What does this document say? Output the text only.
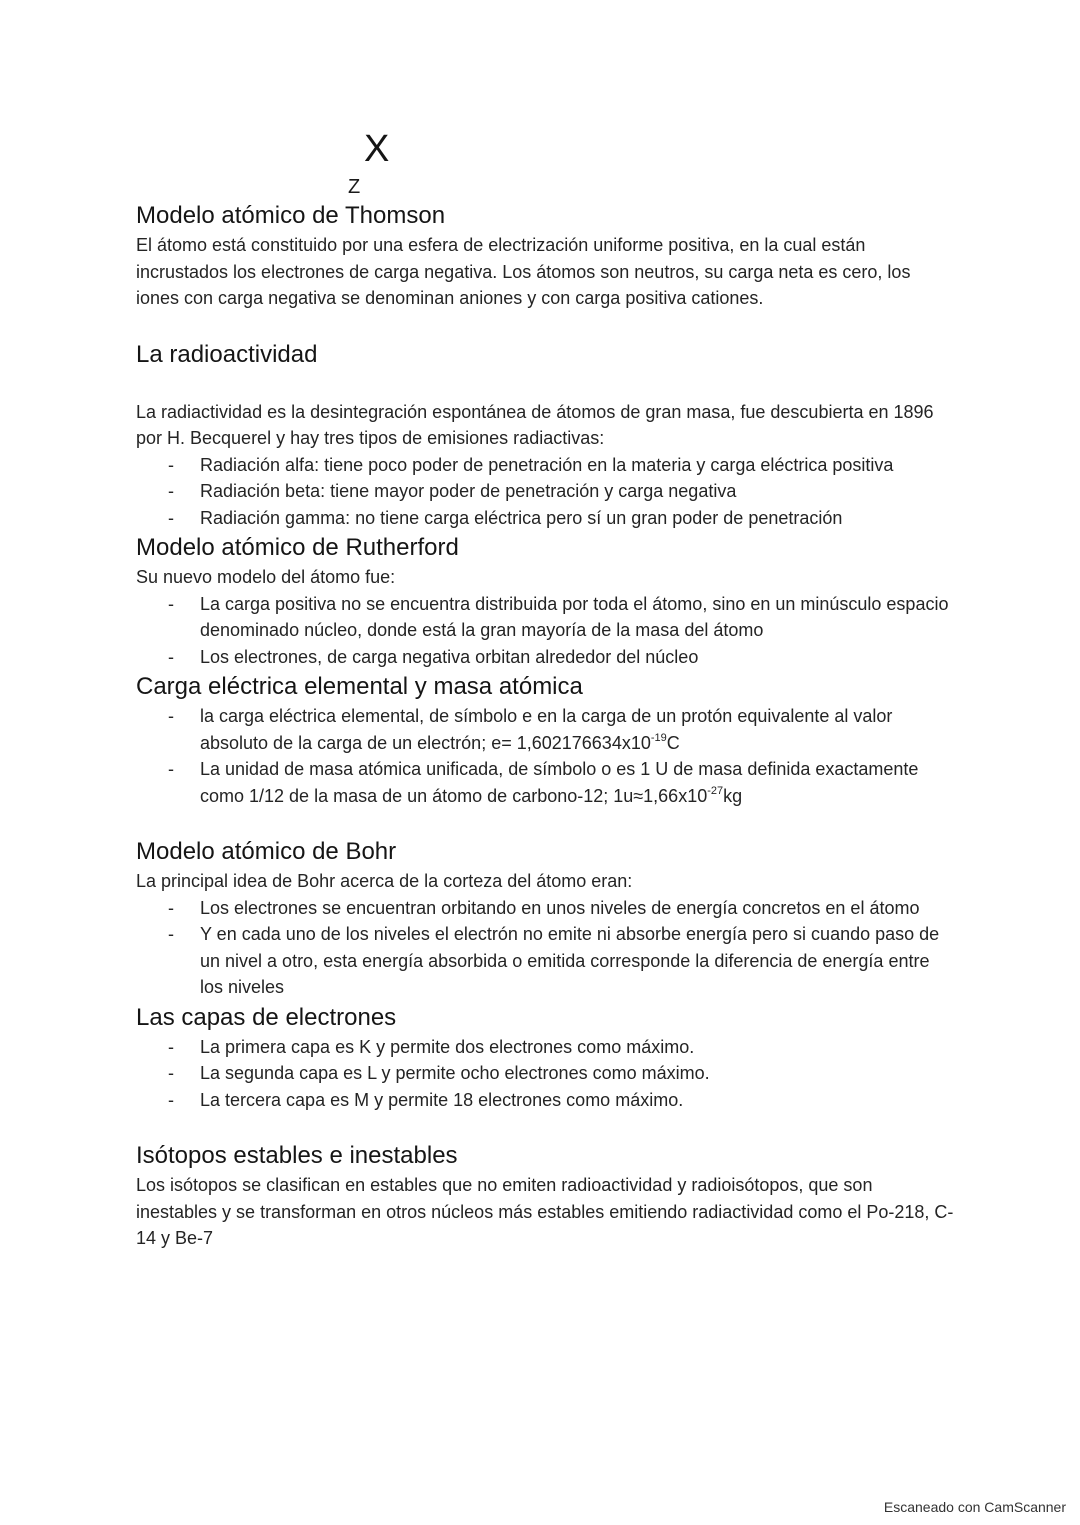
X
Z
Modelo atómico de Thomson

El átomo está constituido por una esfera de electrización uniforme positiva, en la cual están incrustados los electrones de carga negativa. Los átomos son neutros, su carga neta es cero, los iones con carga negativa se denominan aniones y con carga positiva cationes.

La radioactividad

La radiactividad es la desintegración espontánea de átomos de gran masa, fue descubierta en 1896 por H. Becquerel y hay tres tipos de emisiones radiactivas:

- Radiación alfa: tiene poco poder de penetración en la materia y carga eléctrica positiva
- Radiación beta: tiene mayor poder de penetración y carga negativa
- Radiación gamma: no tiene carga eléctrica pero sí un gran poder de penetración
Modelo atómico de Rutherford

Su nuevo modelo del átomo fue:

- La carga positiva no se encuentra distribuida por toda el átomo, sino en un minúsculo espacio denominado núcleo, donde está la gran mayoría de la masa del átomo
- Los electrones, de carga negativa orbitan alrededor del núcleo
Carga eléctrica elemental y masa atómica
- la carga eléctrica elemental, de símbolo e en la carga de un protón equivalente al valor absoluto de la carga de un electrón; $e= 1,602176634x10^{-19}C$
- La unidad de masa atómica unificada, de símbolo o es 1 U de masa definida exactamente como 1/12 de la masa de un átomo de carbono-12; $1u\approx 1,66x10^{-27}kg$
Modelo atómico de Bohr

La principal idea de Bohr acerca de la corteza del átomo eran:

- Los electrones se encuentran orbitando en unos niveles de energía concretos en el átomo
- Y en cada uno de los niveles el electrón no emite ni absorbe energía pero si cuando paso de un nivel a otro, esta energía absorbida o emitida corresponde la diferencia de energía entre los niveles
Las capas de electrones
- La primera capa es K y permite dos electrones como máximo.
- La segunda capa es L y permite ocho electrones como máximo.
- La tercera capa es M y permite 18 electrones como máximo.
Isótopos estables e inestables

Los isótopos se clasifican en estables que no emiten radioactividad y radioisótopos, que son inestables y se transforman en otros núcleos más estables emitiendo radiactividad como el Po-218, C-14 y Be-7

Escaneado con CamScanner
